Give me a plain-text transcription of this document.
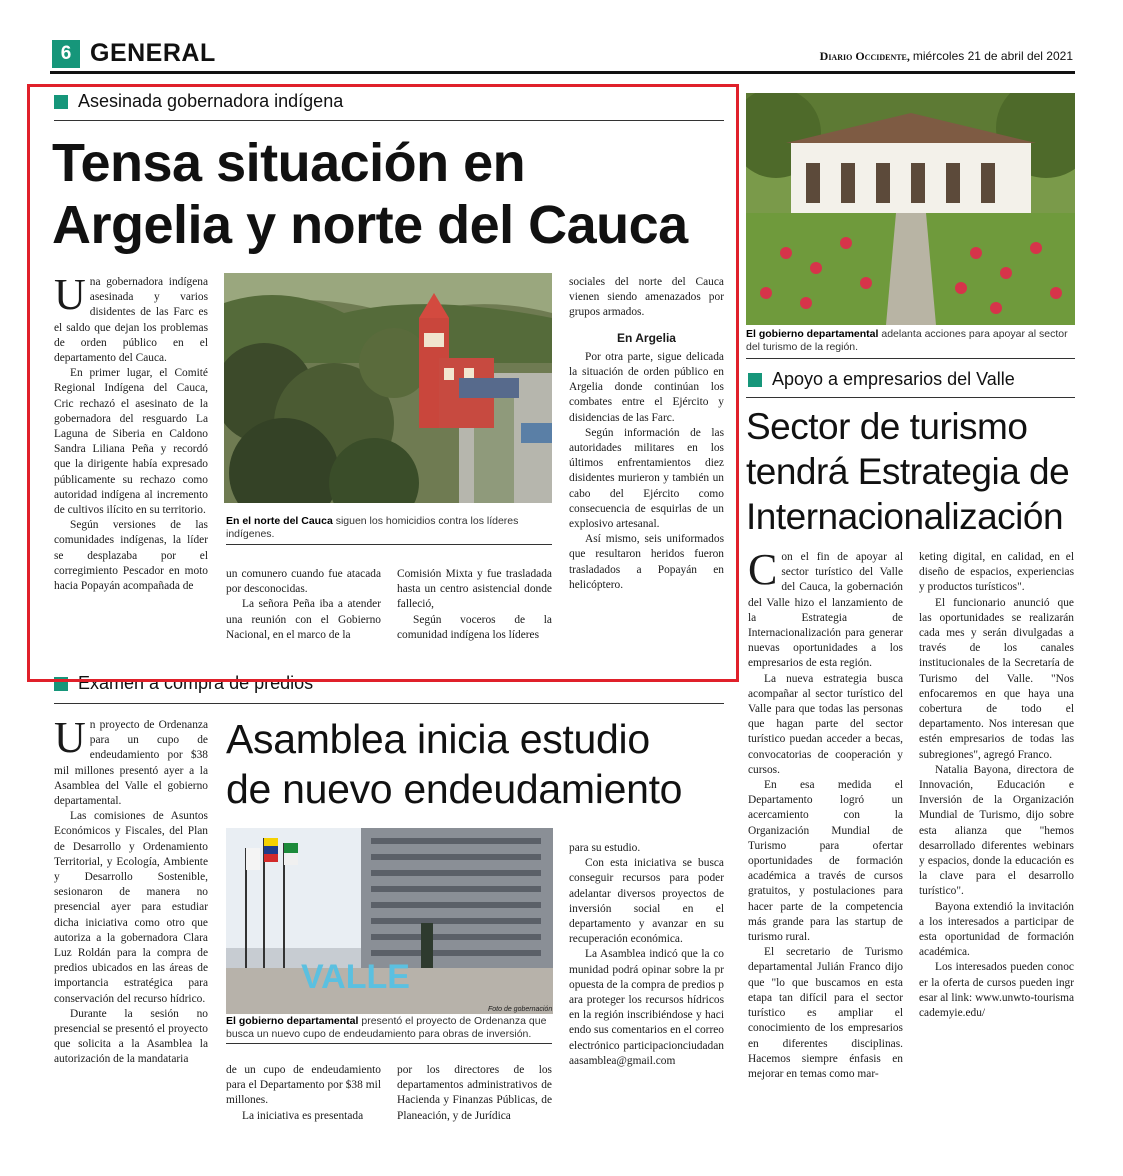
6 GENERAL	Diario Occidente, miércoles 21 de abril del 2021
Asesinada gobernadora indígena
Tensa situación en
Argelia y norte del Cauca

Una gobernadora indígena asesinada y varios disidentes de las Farc es el saldo que dejan los problemas de orden público en el departamento del Cauca.

En primer lugar, el Comité Regional Indígena del Cauca, Cric rechazó el asesinato de la gobernadora del resguardo La Laguna de Siberia en Caldono Sandra Liliana Peña y recordó que la dirigente había expresado públicamente su rechazo como autoridad indígena al incremento de cultivos ilícito en su territorio.

Según versiones de las comunidades indígenas, la líder se desplazaba por el corregimiento Pescador en moto hacia Popayán acompañada de

En el norte del Cauca siguen los homicidios contra los líderes indígenes.

un comunero cuando fue atacada por desconocidas.

La señora Peña iba a atender una reunión con el Gobierno Nacional, en el marco de la

Comisión Mixta y fue trasladada hasta un centro asistencial donde falleció,

Según voceros de la comunidad indígena los líderes

sociales del norte del Cauca vienen siendo amenazados por grupos armados.

En Argelia

Por otra parte, sigue delicada la situación de orden público en Argelia donde continúan los combates entre el Ejército y disidencias de las Farc.

Según información de las autoridades militares en los últimos enfrentamientos diez disidentes murieron y también un cabo del Ejército como consecuencia de esquirlas de un explosivo artesanal.

Así mismo, seis uniformados que resultaron heridos fueron trasladados a Popayán en helicóptero.

Examen a compra de predios
Asamblea inicia estudio
de nuevo endeudamiento

Un proyecto de Ordenanza para un cupo de endeudamiento por $38 mil millones presentó ayer a la Asamblea del Valle el gobierno departamental.

Las comisiones de Asuntos Económicos y Fiscales, del Plan de Desarrollo y Ordenamiento Territorial, y Ecología, Ambiente y Desarrollo Sostenible, sesionaron de manera no presencial ayer para estudiar dicha iniciativa como otro que autoriza a la gobernadora Clara Luz Roldán para la compra de predios ubicados en las áreas de importancia estratégica para conservación del recurso hídrico.

Durante la sesión no presencial se presentó el proyecto que solicita a la Asamblea la autorización de la mandataria

VALLE
Foto de gobernación
El gobierno departamental presentó el proyecto de Ordenanza que busca un nuevo cupo de endeudamiento para obras de inversión.

de un cupo de endeudamiento para el Departamento por $38 mil millones.

La iniciativa es presentada

por los directores de los departamentos administrativos de Hacienda y Finanzas Públicas, de Planeación, y de Jurídica

para su estudio.

Con esta iniciativa se busca conseguir recursos para poder adelantar diversos proyectos de inversión social en el departamento y avanzar en su recuperación económica.

La Asamblea indicó que la comunidad podrá opinar sobre la propuesta de la compra de predios para proteger los recursos hídricos en la región inscribiéndose y haciendo sus comentarios en el correo electrónico participacionciudadanaasamblea@gmail.com

El gobierno departamental adelanta acciones para apoyar al sector del turismo de la región.
Apoyo a empresarios del Valle
Sector de turismo
tendrá Estrategia de
Internacionalización

Con el fin de apoyar al sector turístico del Valle del Cauca, la gobernación del Valle hizo el lanzamiento de la Estrategia de Internacionalización para generar nuevas oportunidades a los empresarios de esta región.

La nueva estrategia busca acompañar al sector turístico del Valle para que todas las personas que hagan parte del sector turístico puedan acceder a becas, convocatorias de cooperación y cursos.

En esa medida el Departamento logró un acercamiento con la Organización Mundial de Turismo para ofertar oportunidades de formación académica a través de cursos gratuitos, y postulaciones para hacer parte de la competencia más grande para las startup de turismo rural.

El secretario de Turismo departamental Julián Franco dijo que "lo que buscamos en esta etapa tan difícil para el sector turístico es ampliar el conocimiento de los empresarios en diferentes disciplinas. Hacemos siempre énfasis en mejorar en temas como mar-

keting digital, en calidad, en el diseño de espacios, experiencias y productos turísticos".

El funcionario anunció que las oportunidades se realizarán cada mes y serán divulgadas a través de los canales institucionales de la Secretaría de Turismo del Valle. "Nos enfocaremos en que haya una cobertura de todo el departamento. Nos interesan que estén empresarios de todas las subregiones", agregó Franco.

Natalia Bayona, directora de Innovación, Educación e Inversión de la Organización Mundial de Turismo, dijo sobre esta alianza que "hemos desarrollado diferentes webinars y espacios, donde la educación es la clave para el desarrollo turístico".

Bayona extendió la invitación a los interesados a participar de esta oportunidad de formación académica.

Los interesados pueden conocer la oferta de cursos pueden ingresar al link: www.unwto-tourismacademyie.edu/
